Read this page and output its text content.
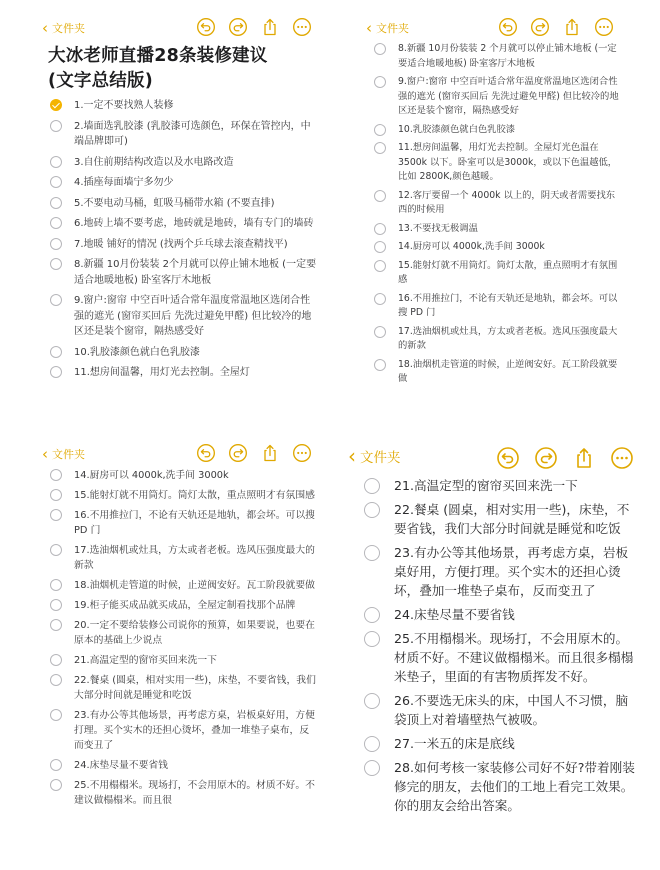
‹ 文件夹
大冰老师直播28条装修建议
(文字总结版)
1.一定不要找熟人装修
2.墙面选乳胶漆 (乳胶漆可选颜色，环保在管控内，中端品牌即可)
3.自住前期结构改造以及水电路改造
4.插座每面墙宁多勿少
5.不要电动马桶，虹吸马桶带水箱 (不要直排)
6.地砖上墙不要考虑，地砖就是地砖，墙有专门的墙砖
7.地暖 铺好的情况 (找两个乒乓球去滚查精找平)
8.新疆 10月份装装 2个月就可以停止铺木地板 (一定要适合地暖地板) 卧室客厅木地板
9.窗户:窗帘 中空百叶适合常年温度常温地区选闭合性强的遮光 (窗帘买回后 先洗过避免甲醛) 但比较冷的地区还是装个窗帘，隔热感受好
10.乳胶漆颜色就白色乳胶漆
11.想房间温馨，用灯光去控制。全屋灯
‹ 文件夹
8.新疆 10月份装装 2 个月就可以停止铺木地板 (一定要适合地暖地板) 卧室客厅木地板
9.窗户:窗帘 中空百叶适合常年温度常温地区选闭合性强的遮光 (窗帘买回后 先洗过避免甲醛) 但比较冷的地区还是装个窗帘，隔热感受好
10.乳胶漆颜色就白色乳胶漆
11.想房间温馨，用灯光去控制。全屋灯光色温在 3500k 以下。卧室可以是3000k，或以下色温越低，比如 2800K,颜色越暖。
12.客厅要留一个 4000k 以上的，阴天或者需要找东西的时候用
13.不要找无极调温
14.厨房可以 4000k,洗手间 3000k
15.能射灯就不用筒灯。筒灯太散，重点照明才有氛围感
16.不用推拉门，不论有天轨还是地轨，都会坏。可以搜 PD 门
17.选油烟机或灶具，方太或者老板。选风压强度最大的新款
18.油烟机走管道的时候，止逆阀安好。瓦工阶段就要做
‹ 文件夹
14.厨房可以 4000k,洗手间 3000k
15.能射灯就不用筒灯。筒灯太散，重点照明才有氛围感
16.不用推拉门，不论有天轨还是地轨，都会坏。可以搜 PD 门
17.选油烟机或灶具，方太或者老板。选风压强度最大的新款
18.油烟机走管道的时候，止逆阀安好。瓦工阶段就要做
19.柜子能买成品就买成品，全屋定制看找那个品牌
20.一定不要给装修公司说你的预算，如果要说，也要在原本的基础上少说点
21.高温定型的窗帘买回来洗一下
22.餐桌 (圆桌，相对实用一些)，床垫，不要省钱，我们大部分时间就是睡觉和吃饭
23.有办公等其他场景，再考虑方桌，岩板桌好用，方便打理。买个实木的还担心烫坏，叠加一堆垫子桌布，反而变丑了
24.床垫尽量不要省钱
25.不用榻榻米。现场打，不会用原木的。材质不好。不建议做榻榻米。而且很
‹ 文件夹
21.高温定型的窗帘买回来洗一下
22.餐桌 (圆桌，相对实用一些)，床垫，不要省钱，我们大部分时间就是睡觉和吃饭
23.有办公等其他场景，再考虑方桌，岩板桌好用，方便打理。买个实木的还担心烫坏，叠加一堆垫子桌布，反而变丑了
24.床垫尽量不要省钱
25.不用榻榻米。现场打，不会用原木的。材质不好。不建议做榻榻米。而且很多榻榻米垫子，里面的有害物质挥发不好。
26.不要选无床头的床，中国人不习惯，脑袋顶上对着墙壁热气被吸。
27.一米五的床是底线
28.如何考核一家装修公司好不好?带着刚装修完的朋友，去他们的工地上看完工效果。你的朋友会给出答案。
